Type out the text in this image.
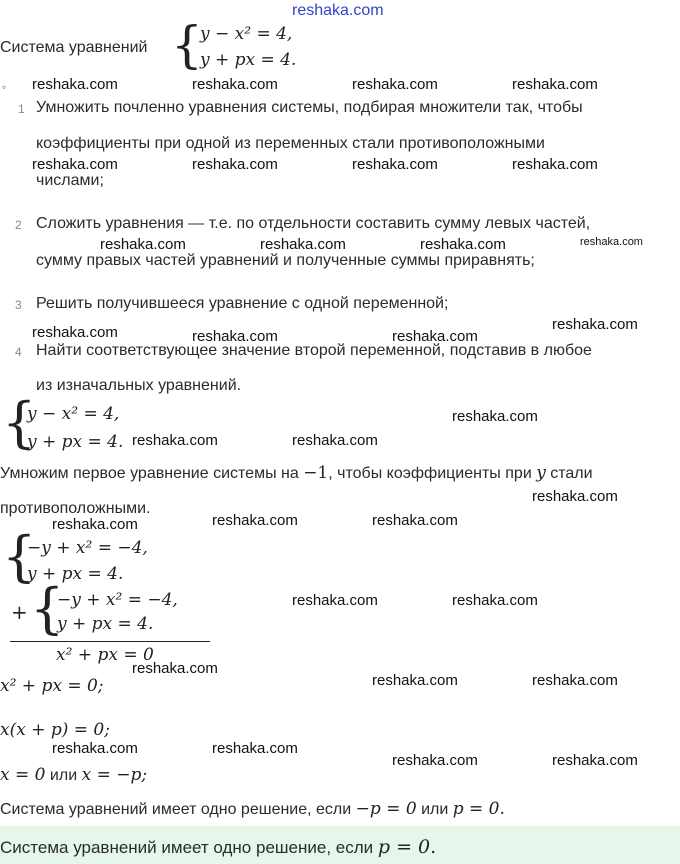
reshaka.com
reshaka.com	reshaka.com	reshaka.com	reshaka.com
reshaka.com	reshaka.com	reshaka.com	reshaka.com
reshaka.com	reshaka.com	reshaka.com	reshaka.com
reshaka.com	reshaka.com	reshaka.com
reshaka.com
reshaka.com
reshaka.com	reshaka.com
reshaka.com
reshaka.com	reshaka.com	reshaka.com
reshaka.com	reshaka.com
reshaka.com
reshaka.com	reshaka.com
reshaka.com	reshaka.com
reshaka.com	reshaka.com
Система уравнений {
y − x² = 4,
y + px = 4.
◦
1 Умножить почленно уравнения системы, подбирая множители так, чтобы
коэффициенты при одной из переменных стали противоположными
числами;
2 Сложить уравнения — т.е. по отдельности составить сумму левых частей,
сумму правых частей уравнений и полученные суммы приравнять;
3 Решить получившееся уравнение с одной переменной;
4 Найти соответствующее значение второй переменной, подставив в любое
из изначальных уравнений.
{
y − x² = 4,
y + px = 4.
Умножим первое уравнение системы на −1, чтобы коэффициенты при y стали
противоположными.
{
−y + x² = −4,
y + px = 4.
+ {
−y + x² = −4,
y + px = 4.
x² + px = 0
x² + px = 0;
x(x + p) = 0;
x = 0 или x = −p;
Система уравнений имеет одно решение, если −p = 0 или p = 0.
Система уравнений имеет одно решение, если p = 0.
